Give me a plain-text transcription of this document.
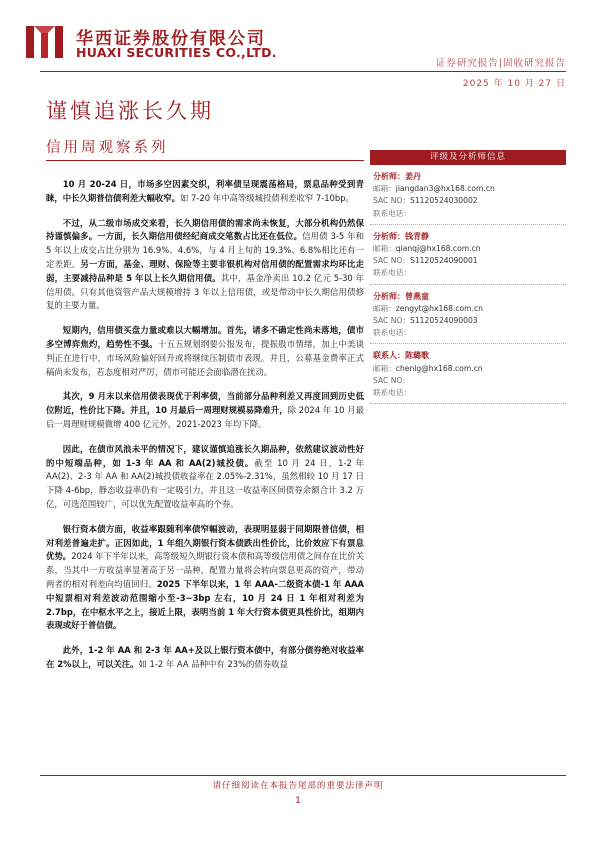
华西证券股份有限公司
HUAXI SECURITIES CO.,LTD.
证券研究报告|固收研究报告
2025 年 10 月 27 日
谨慎追涨长久期
信用周观察系列

10 月 20-24 日，市场多空因素交织，利率债呈现震荡格局，票息品种受到青睐，中长久期普信债利差大幅收窄。如 7-20 年中高等级城投债利差收窄 7-10bp。

不过，从二级市场成交来看，长久期信用债的需求尚未恢复，大部分机构仍然保持谨慎偏多。一方面，长久期信用债经纪商成交笔数占比还在低位。信用债 3-5 年和 5 年以上成交占比分别为 16.9%、4.6%，与 4 月上旬的 19.3%、6.8%相比还有一定差距。另一方面，基金、理财、保险等主要非银机构对信用债的配置需求均环比走弱，主要减持品种是 5 年以上长久期信用债。其中，基金净卖出 10.2 亿元 5-30 年信用债。只有其他资管产品大规模增持 3 年以上信用债，或是带动中长久期信用债修复的主要力量。

短期内，信用债买盘力量或难以大幅增加。首先，诸多不确定性尚未落地，债市多空博弈焦灼，趋势性不强。十五五规划纲要公报发布，提振股市情绪，加上中美谈判正在进行中，市场风险偏好回升或将继续压制债市表现。并且，公募基金费率正式稿尚未发布，若态度相对严厉，债市可能还会面临潜在扰动。

其次，9 月末以来信用债表现优于利率债，当前部分品种利差又再度回到历史低位附近，性价比下降。并且，10 月最后一周理财规模易降难升，除 2024 年 10 月最后一周理财规模微增 400 亿元外，2021-2023 年均下降。

因此，在债市风浪未平的情况下，建议谨慎追涨长久期品种，依然建议波动性好的中短端品种，如 1-3 年 AA 和 AA(2)城投债。截至 10 月 24 日，1-2 年 AA(2)、2-3 年 AA 和 AA(2)城投债收益率在 2.05%-2.31%，虽然相较 10 月 17 日下降 4-6bp，静态收益率仍有一定吸引力，并且这一收益率区间债券余额合计 3.2 万亿，可选范围较广，可以优先配置收益率高的个券。

银行资本债方面，收益率跟随利率债窄幅波动，表现明显弱于同期限普信债，相对利差普遍走扩。正因如此，1 年组久期银行资本债跌出性价比，比价效应下有票息优势。2024 年下半年以来，高等级短久期银行资本债和高等级信用债之间存在比价关系，当其中一方收益率显著高于另一品种，配置力量将会转向票息更高的资产，带动两者的相对利差向均值回归。2025 下半年以来，1 年 AAA-二级资本债-1 年 AAA 中短票相对利差波动范围缩小至-3~3bp 左右，10 月 24 日 1 年相对利差为 2.7bp，在中枢水平之上，接近上限，表明当前 1 年大行资本债更具性价比，组期内表现或好于普信债。

此外，1-2 年 AA 和 2-3 年 AA+及以上银行资本债中，有部分债券绝对收益率在 2%以上，可以关注。如 1-2 年 AA 品种中有 23%的债券收益

评级及分析师信息
分析师：姜丹
邮箱：jiangdan3@hx168.com.cn
SAC NO：S1120524030002
联系电话：
分析师：钱青静
邮箱：qianqj@hx168.com.cn
SAC NO：S1120524090001
联系电话：
分析师：曾燕童
邮箱：zengyt@hx168.com.cn
SAC NO：S1120524090003
联系电话：
联系人：陈璐歌
邮箱：chenlg@hx168.com.cn
SAC NO：
联系电话：
请仔细阅读在本报告尾部的重要法律声明
1
